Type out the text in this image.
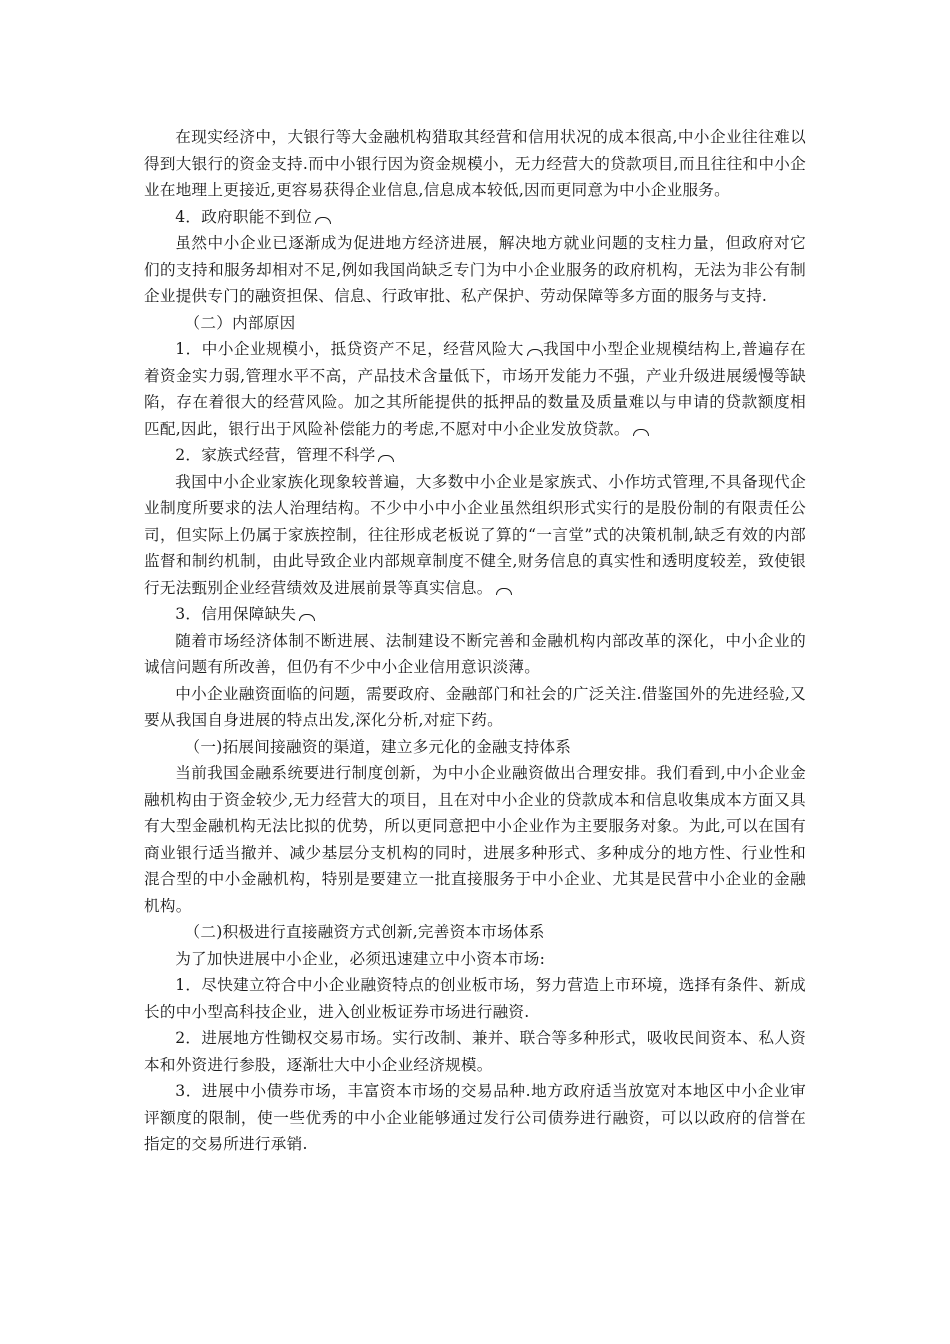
在现实经济中，大银行等大金融机构猎取其经营和信用状况的成本很高,中小企业往往难以得到大银行的资金支持.而中小银行因为资金规模小，无力经营大的贷款项目,而且往往和中小企业在地理上更接近,更容易获得企业信息,信息成本较低,因而更同意为中小企业服务。

4．政府职能不到位

虽然中小企业已逐渐成为促进地方经济进展，解决地方就业问题的支柱力量，但政府对它们的支持和服务却相对不足,例如我国尚缺乏专门为中小企业服务的政府机构，无法为非公有制企业提供专门的融资担保、信息、行政审批、私产保护、劳动保障等多方面的服务与支持.

（二）内部原因

1．中小企业规模小，抵贷资产不足，经营风险大 我国中小型企业规模结构上,普遍存在着资金实力弱,管理水平不高，产品技术含量低下，市场开发能力不强，产业升级进展缓慢等缺陷，存在着很大的经营风险。加之其所能提供的抵押品的数量及质量难以与申请的贷款额度相匹配,因此，银行出于风险补偿能力的考虑,不愿对中小企业发放贷款。

2．家族式经营，管理不科学

我国中小企业家族化现象较普遍，大多数中小企业是家族式、小作坊式管理,不具备现代企业制度所要求的法人治理结构。不少中小中小企业虽然组织形式实行的是股份制的有限责任公司，但实际上仍属于家族控制，往往形成老板说了算的“一言堂”式的决策机制,缺乏有效的内部监督和制约机制，由此导致企业内部规章制度不健全,财务信息的真实性和透明度较差，致使银行无法甄别企业经营绩效及进展前景等真实信息。

3．信用保障缺失

随着市场经济体制不断进展、法制建设不断完善和金融机构内部改革的深化，中小企业的诚信问题有所改善，但仍有不少中小企业信用意识淡薄。

中小企业融资面临的问题，需要政府、金融部门和社会的广泛关注.借鉴国外的先进经验,又要从我国自身进展的特点出发,深化分析,对症下药。

（一)拓展间接融资的渠道，建立多元化的金融支持体系

当前我国金融系统要进行制度创新，为中小企业融资做出合理安排。我们看到,中小企业金融机构由于资金较少,无力经营大的项目，且在对中小企业的贷款成本和信息收集成本方面又具有大型金融机构无法比拟的优势，所以更同意把中小企业作为主要服务对象。为此,可以在国有商业银行适当撤并、减少基层分支机构的同时，进展多种形式、多种成分的地方性、行业性和混合型的中小金融机构，特别是要建立一批直接服务于中小企业、尤其是民营中小企业的金融机构。

（二)积极进行直接融资方式创新,完善资本市场体系

为了加快进展中小企业，必须迅速建立中小资本市场:

1．尽快建立符合中小企业融资特点的创业板市场，努力营造上市环境，选择有条件、新成长的中小型高科技企业，进入创业板证券市场进行融资.

2．进展地方性锄权交易市场。实行改制、兼并、联合等多种形式，吸收民间资本、私人资本和外资进行参股，逐渐壮大中小企业经济规模。

3．进展中小债券市场，丰富资本市场的交易品种.地方政府适当放宽对本地区中小企业审评额度的限制，使一些优秀的中小企业能够通过发行公司债券进行融资，可以以政府的信誉在指定的交易所进行承销.
